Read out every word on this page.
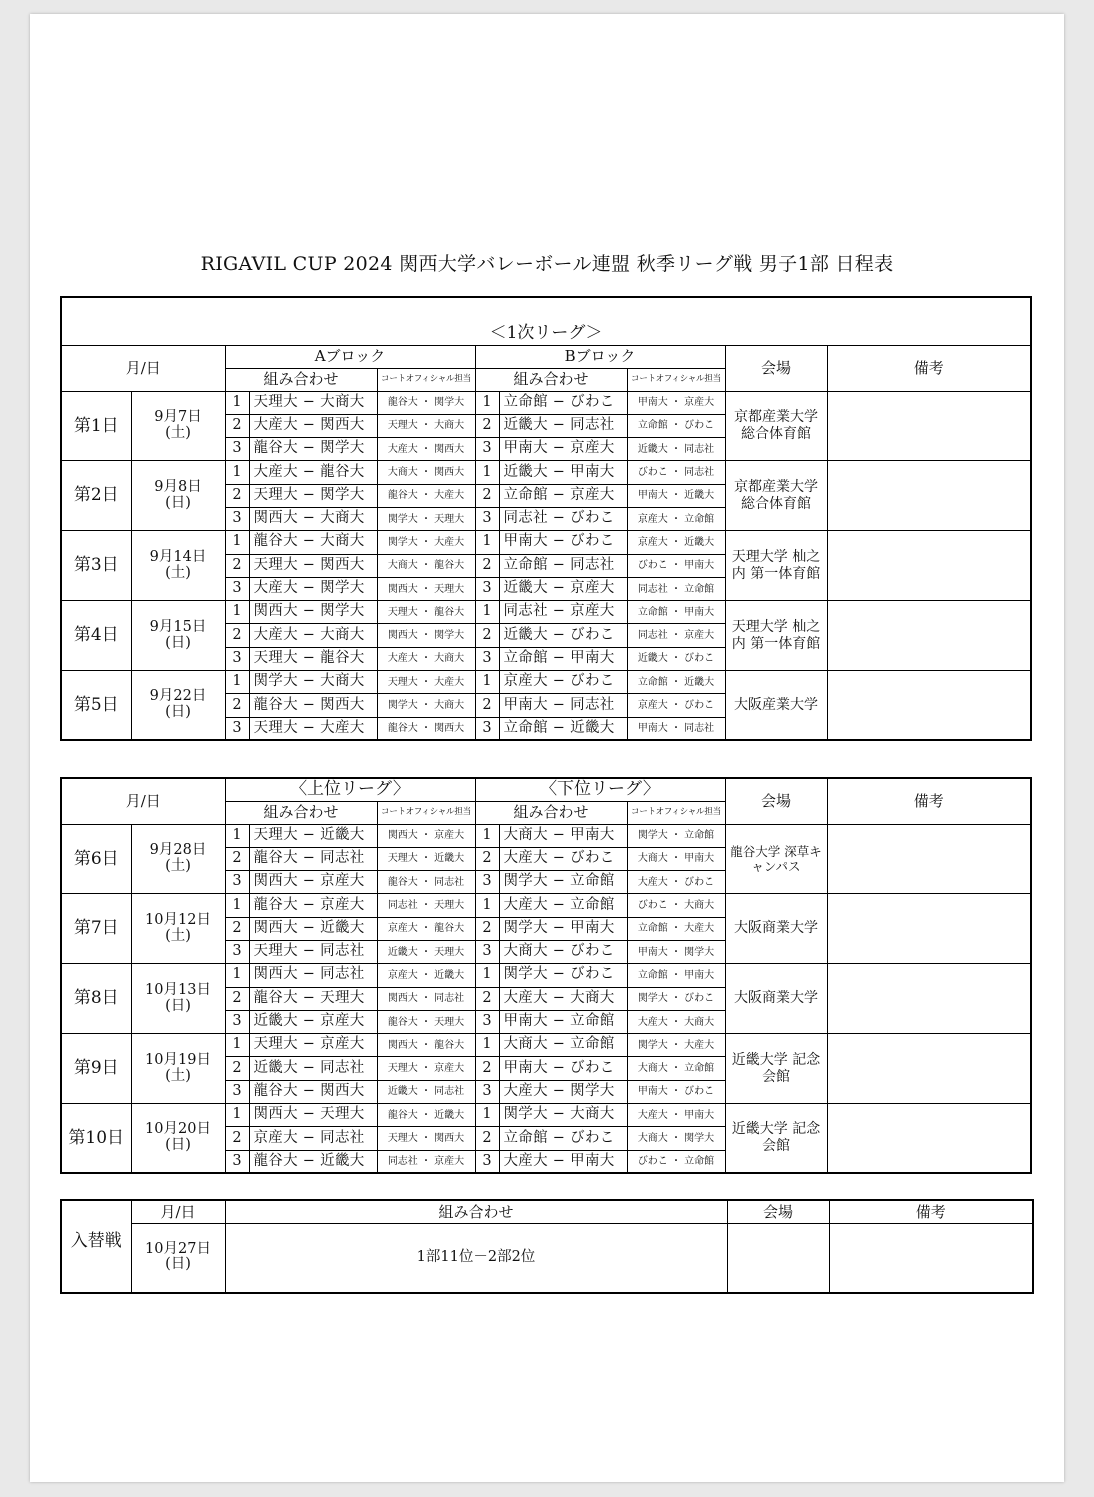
RIGAVIL CUP 2024 関西大学バレーボール連盟 秋季リーグ戦 男子1部 日程表
＜1次リーグ＞									
月/日		Aブロック			Bブロック			会場	備考
		組み合わせ		コートオフィシャル担当	組み合わせ		コートオフィシャル担当		
第1日	9月7日
(土)	1	天理大 − 大商大	龍谷大 ・ 関学大	1	立命館 − びわこ	甲南大 ・ 京産大	京都産業大学 総合体育館	
		2	大産大 − 関西大	天理大 ・ 大商大	2	近畿大 − 同志社	立命館 ・ びわこ		
		3	龍谷大 − 関学大	大産大 ・ 関西大	3	甲南大 − 京産大	近畿大 ・ 同志社		
第2日	9月8日
(日)	1	大産大 − 龍谷大	大商大 ・ 関西大	1	近畿大 − 甲南大	びわこ ・ 同志社	京都産業大学 総合体育館	
		2	天理大 − 関学大	龍谷大 ・ 大産大	2	立命館 − 京産大	甲南大 ・ 近畿大		
		3	関西大 − 大商大	関学大 ・ 天理大	3	同志社 − びわこ	京産大 ・ 立命館		
第3日	9月14日
(土)	1	龍谷大 − 大商大	関学大 ・ 大産大	1	甲南大 − びわこ	京産大 ・ 近畿大	天理大学 杣之内 第一体育館	
		2	天理大 − 関西大	大商大 ・ 龍谷大	2	立命館 − 同志社	びわこ ・ 甲南大		
		3	大産大 − 関学大	関西大 ・ 天理大	3	近畿大 − 京産大	同志社 ・ 立命館		
第4日	9月15日
(日)	1	関西大 − 関学大	天理大 ・ 龍谷大	1	同志社 − 京産大	立命館 ・ 甲南大	天理大学 杣之内 第一体育館	
		2	大産大 − 大商大	関西大 ・ 関学大	2	近畿大 − びわこ	同志社 ・ 京産大		
		3	天理大 − 龍谷大	大産大 ・ 大商大	3	立命館 − 甲南大	近畿大 ・ びわこ		
第5日	9月22日
(日)	1	関学大 − 大商大	天理大 ・ 大産大	1	京産大 − びわこ	立命館 ・ 近畿大	大阪産業大学	
		2	龍谷大 − 関西大	関学大 ・ 大商大	2	甲南大 − 同志社	京産大 ・ びわこ		
		3	天理大 − 大産大	龍谷大 ・ 関西大	3	立命館 − 近畿大	甲南大 ・ 同志社		
月/日		〈上位リーグ〉			〈下位リーグ〉			会場	備考
		組み合わせ		コートオフィシャル担当	組み合わせ		コートオフィシャル担当		
第6日	9月28日
(土)	1	天理大 − 近畿大	関西大 ・ 京産大	1	大商大 − 甲南大	関学大 ・ 立命館	龍谷大学 深草キャンパス	
		2	龍谷大 − 同志社	天理大 ・ 近畿大	2	大産大 − びわこ	大商大 ・ 甲南大		
		3	関西大 − 京産大	龍谷大 ・ 同志社	3	関学大 − 立命館	大産大 ・ びわこ		
第7日	10月12日
(土)	1	龍谷大 − 京産大	同志社 ・ 天理大	1	大産大 − 立命館	びわこ ・ 大商大	大阪商業大学	
		2	関西大 − 近畿大	京産大 ・ 龍谷大	2	関学大 − 甲南大	立命館 ・ 大産大		
		3	天理大 − 同志社	近畿大 ・ 天理大	3	大商大 − びわこ	甲南大 ・ 関学大		
第8日	10月13日
(日)	1	関西大 − 同志社	京産大 ・ 近畿大	1	関学大 − びわこ	立命館 ・ 甲南大	大阪商業大学	
		2	龍谷大 − 天理大	関西大 ・ 同志社	2	大産大 − 大商大	関学大 ・ びわこ		
		3	近畿大 − 京産大	龍谷大 ・ 天理大	3	甲南大 − 立命館	大産大 ・ 大商大		
第9日	10月19日
(土)	1	天理大 − 京産大	関西大 ・ 龍谷大	1	大商大 − 立命館	関学大 ・ 大産大	近畿大学 記念会館	
		2	近畿大 − 同志社	天理大 ・ 京産大	2	甲南大 − びわこ	大商大 ・ 立命館		
		3	龍谷大 − 関西大	近畿大 ・ 同志社	3	大産大 − 関学大	甲南大 ・ びわこ		
第10日	10月20日
(日)	1	関西大 − 天理大	龍谷大 ・ 近畿大	1	関学大 − 大商大	大産大 ・ 甲南大	近畿大学 記念会館	
		2	京産大 − 同志社	天理大 ・ 関西大	2	立命館 − びわこ	大商大 ・ 関学大		
		3	龍谷大 − 近畿大	同志社 ・ 京産大	3	大産大 − 甲南大	びわこ ・ 立命館		
入替戦	月/日	組み合わせ	会場	備考

	10月27日
(日)	1部11位－2部2位		
